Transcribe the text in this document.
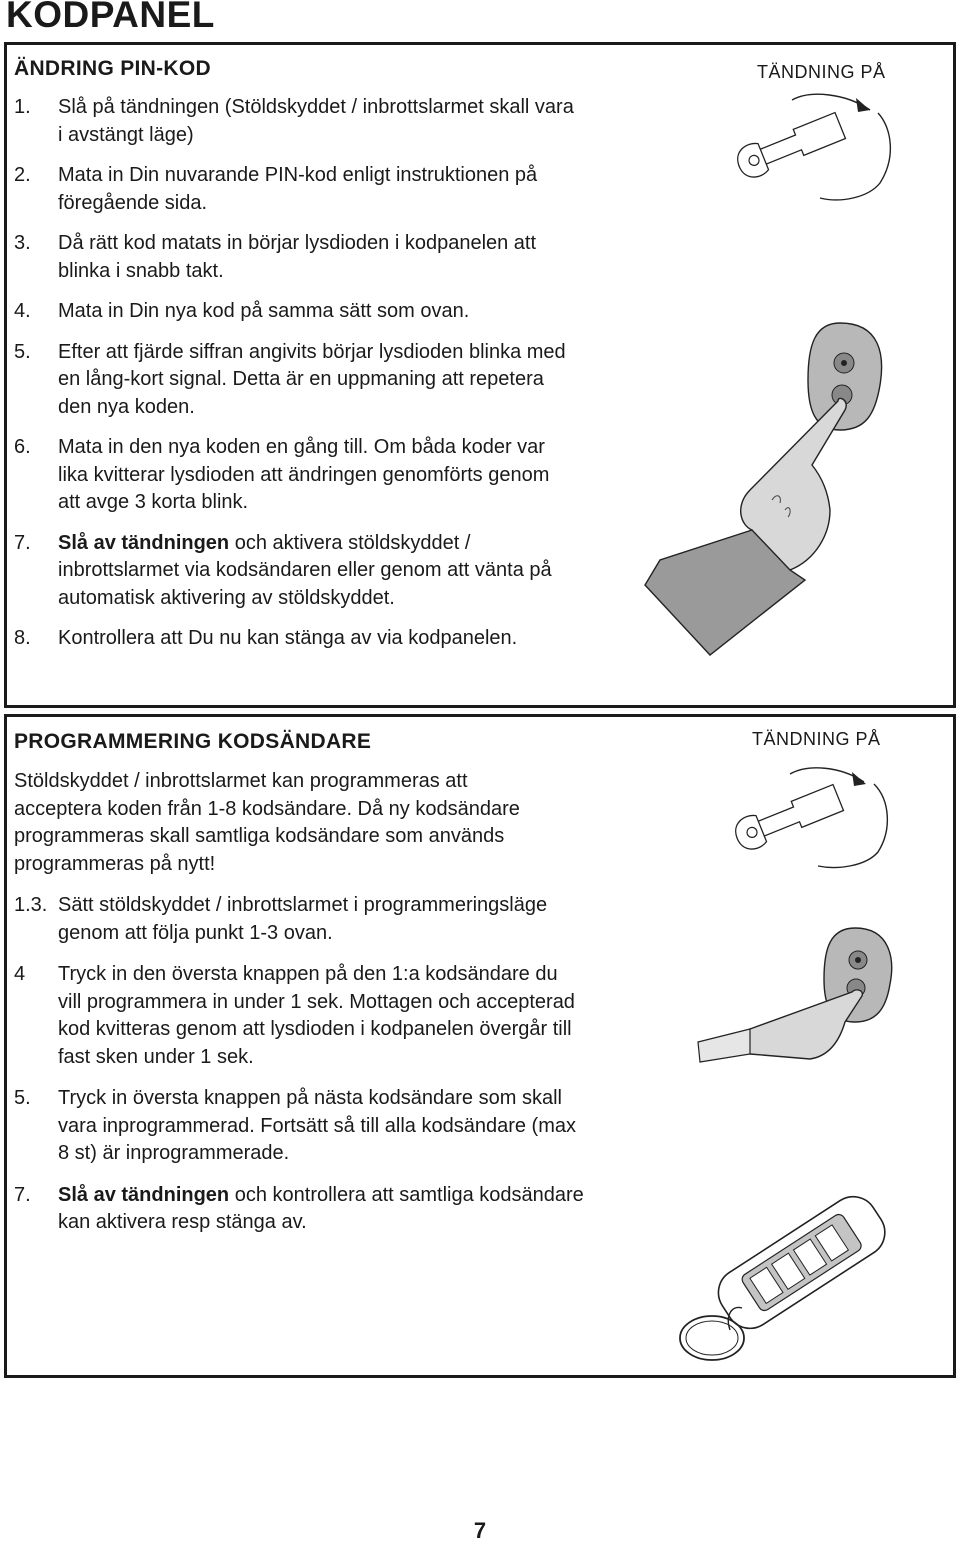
KODPANEL
ÄNDRING PIN-KOD	TÄNDNING PÅ
1. Slå på tändningen (Stöldskyddet / inbrottslarmet skall vara i avstängt läge)
2. Mata in Din nuvarande PIN-kod enligt instruktionen på föregående sida.
3. Då rätt kod matats in börjar lysdioden i kodpanelen att blinka i snabb takt.
4. Mata in Din nya kod på samma sätt som ovan.
5. Efter att fjärde siffran angivits börjar lysdioden blinka med en lång-kort signal. Detta är en uppmaning att repetera den nya koden.
6. Mata in den nya koden en gång till. Om båda koder var lika kvitterar lysdioden att ändringen genomförts genom att avge 3 korta blink.
7. Slå av tändningen och aktivera stöldskyddet / inbrottslarmet via kodsändaren eller genom att vänta på automatisk aktivering av stöldskyddet.
8. Kontrollera att Du nu kan stänga av via kodpanelen.
PROGRAMMERING KODSÄNDARE	TÄNDNING PÅ

Stöldskyddet / inbrottslarmet kan programmeras att acceptera koden från 1-8 kodsändare. Då ny kodsändare programmeras skall samtliga kodsändare som används programmeras på nytt!

1.3. Sätt stöldskyddet / inbrottslarmet i programmeringsläge genom att följa punkt 1-3 ovan.
4 Tryck in den översta knappen på den 1:a kodsändare du vill programmera in under 1 sek. Mottagen och accepterad kod kvitteras genom att lysdioden i kodpanelen övergår till fast sken under 1 sek.
5. Tryck in översta knappen på nästa kodsändare som skall vara inprogrammerad. Fortsätt så till alla kodsändare (max 8 st) är inprogrammerade.
7. Slå av tändningen och kontrollera att samtliga kodsändare kan aktivera resp stänga av.
7
